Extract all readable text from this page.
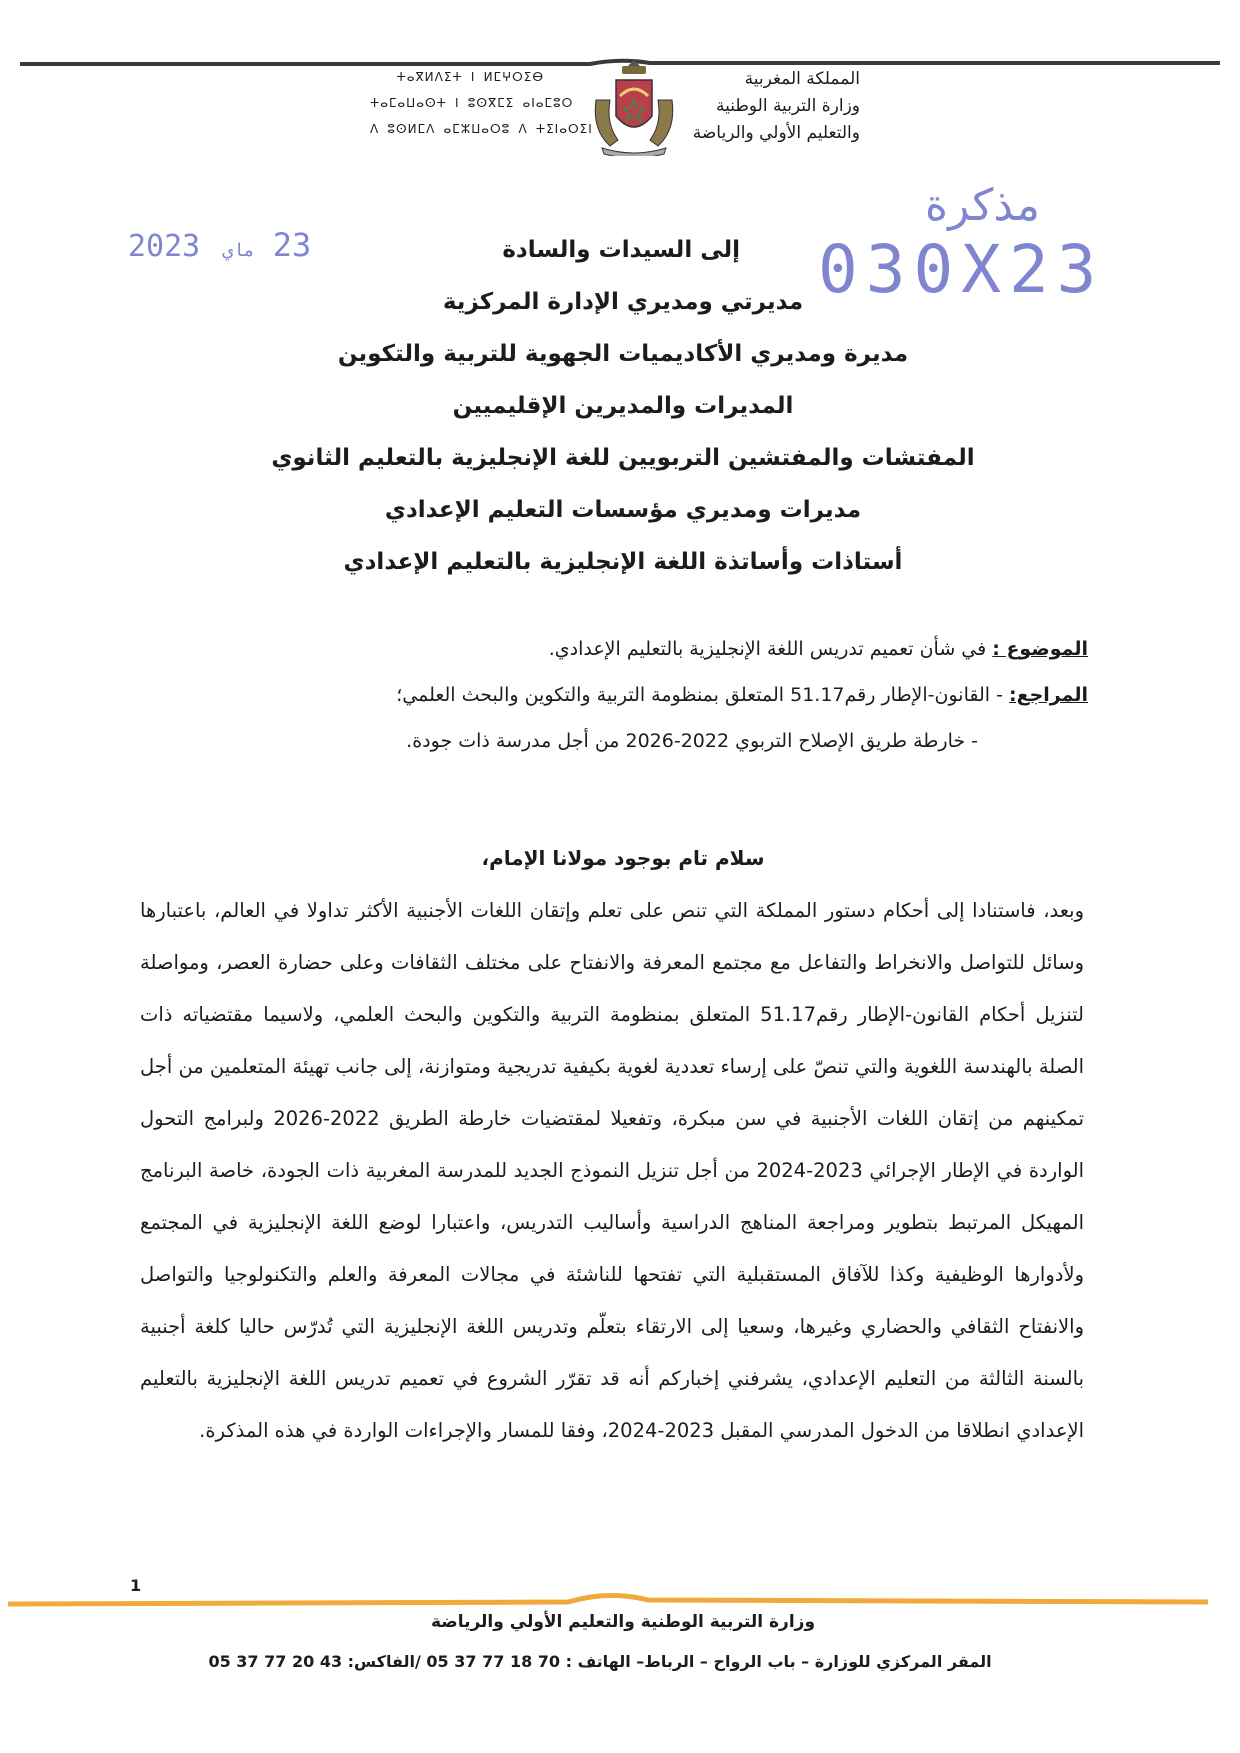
المملكة المغربية
وزارة التربية الوطنية
والتعليم الأولي والرياضة
ⵜⴰⴳⵍⴷⵉⵜ ⵏ ⵍⵎⵖⵔⵉⴱ
ⵜⴰⵎⴰⵡⴰⵙⵜ ⵏ ⵓⵙⴳⵎⵉ ⴰⵏⴰⵎⵓⵔ
ⴷ ⵓⵙⵍⵎⴷ ⴰⵎⵣⵡⴰⵔⵓ ⴷ ⵜⵉⵏⴰⵔⵉⵏ
مذكرة
030X23
2023 ماي 23	إلى السيدات والسادة
مديرتي ومديري الإدارة المركزية
مديرة ومديري الأكاديميات الجهوية للتربية والتكوين
المديرات والمديرين الإقليميين
المفتشات والمفتشين التربويين للغة الإنجليزية بالتعليم الثانوي
مديرات ومديري مؤسسات التعليم الإعدادي
أستاذات وأساتذة اللغة الإنجليزية بالتعليم الإعدادي
الموضوع : في شأن تعميم تدريس اللغة الإنجليزية بالتعليم الإعدادي.
المراجع: - القانون-الإطار رقم51.17 المتعلق بمنظومة التربية والتكوين والبحث العلمي؛
- خارطة طريق الإصلاح التربوي 2022-2026 من أجل مدرسة ذات جودة.
سلام تام بوجود مولانا الإمام،
وبعد، فاستنادا إلى أحكام دستور المملكة التي تنص على تعلم وإتقان اللغات الأجنبية الأكثر تداولا في العالم، باعتبارها وسائل للتواصل والانخراط والتفاعل مع مجتمع المعرفة والانفتاح على مختلف الثقافات وعلى حضارة العصر، ومواصلة لتنزيل أحكام القانون-الإطار رقم51.17 المتعلق بمنظومة التربية والتكوين والبحث العلمي، ولاسيما مقتضياته ذات الصلة بالهندسة اللغوية والتي تنصّ على إرساء تعددية لغوية بكيفية تدريجية ومتوازنة، إلى جانب تهيئة المتعلمين من أجل تمكينهم من إتقان اللغات الأجنبية في سن مبكرة، وتفعيلا لمقتضيات خارطة الطريق 2022-2026 ولبرامج التحول الواردة في الإطار الإجرائي 2023-2024 من أجل تنزيل النموذج الجديد للمدرسة المغربية ذات الجودة، خاصة البرنامج المهيكل المرتبط بتطوير ومراجعة المناهج الدراسية وأساليب التدريس، واعتبارا لوضع اللغة الإنجليزية في المجتمع ولأدوارها الوظيفية وكذا للآفاق المستقبلية التي تفتحها للناشئة في مجالات المعرفة والعلم والتكنولوجيا والتواصل والانفتاح الثقافي والحضاري وغيرها، وسعيا إلى الارتقاء بتعلّم وتدريس اللغة الإنجليزية التي تُدرّس حاليا كلغة أجنبية بالسنة الثالثة من التعليم الإعدادي، يشرفني إخباركم أنه قد تقرّر الشروع في تعميم تدريس اللغة الإنجليزية بالتعليم الإعدادي انطلاقا من الدخول المدرسي المقبل 2023-2024، وفقا للمسار والإجراءات الواردة في هذه المذكرة.
1
وزارة التربية الوطنية والتعليم الأولي والرياضة
المقر المركزي للوزارة – باب الرواح – الرباط– الهاتف : 70 18 77 37 05 /الفاكس: 43 20 77 37 05
